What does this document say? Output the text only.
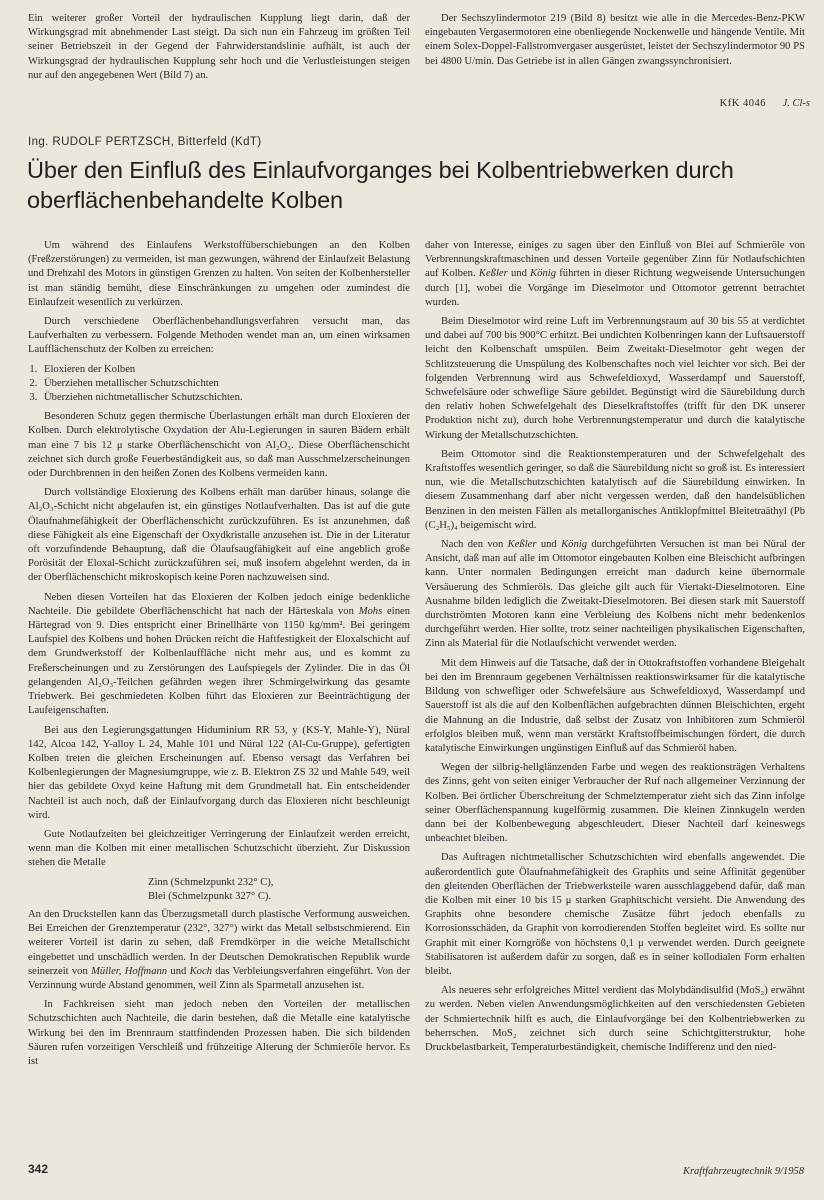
Ein weiterer großer Vorteil der hydraulischen Kupplung liegt darin, daß der Wirkungsgrad mit abnehmender Last steigt. Da sich nun ein Fahrzeug im größten Teil seiner Betriebszeit in der Gegend der Fahrwiderstandslinie aufhält, ist auch der Wirkungsgrad der hydraulischen Kupplung sehr hoch und die Verlustleistungen steigen nur auf den angegebenen Wert (Bild 7) an.

Der Sechszylindermotor 219 (Bild 8) besitzt wie alle in die Mercedes-Benz-PKW eingebauten Vergasermotoren eine obenliegende Nockenwelle und hängende Ventile. Mit einem Solex-Doppel-Fallstromvergaser ausgerüstet, leistet der Sechszylindermotor 90 PS bei 4800 U/min. Das Getriebe ist in allen Gängen zwangssynchronisiert.

KfK 4046 J. Cl-s
Ing. RUDOLF PERTZSCH, Bitterfeld (KdT)
Über den Einfluß des Einlaufvorganges bei Kolbentriebwerken durch oberflächenbehandelte Kolben

Um während des Einlaufens Werkstoffüberschiebungen an den Kolben (Freßzerstörungen) zu vermeiden, ist man gezwungen, während der Einlaufzeit Belastung und Drehzahl des Motors in günstigen Grenzen zu halten. Von seiten der Kolbenhersteller ist man ständig bemüht, diese Einschränkungen zu umgehen oder zumindest die Einlaufzeit wesentlich zu verkürzen.

Durch verschiedene Oberflächenbehandlungsverfahren versucht man, das Laufverhalten zu verbessern. Folgende Methoden wendet man an, um einen wirksamen Laufflächenschutz der Kolben zu erreichen:

1. Eloxieren der Kolben
2. Überziehen metallischer Schutzschichten
3. Überziehen nichtmetallischer Schutzschichten.

Besonderen Schutz gegen thermische Überlastungen erhält man durch Eloxieren der Kolben. Durch elektrolytische Oxydation der Alu-Legierungen in sauren Bädern erhält man eine 7 bis 12 μ starke Oberflächenschicht von Al₂O₃. Diese Oberflächenschicht zeichnet sich durch große Feuerbeständigkeit aus, so daß man Ausschmelzerscheinungen oder Durchbrennen in den heißen Zonen des Kolbens vermeiden kann.

Durch vollständige Eloxierung des Kolbens erhält man darüber hinaus, solange die Al₂O₃-Schicht nicht abgelaufen ist, ein günstiges Notlaufverhalten. Das ist auf die gute Ölaufnahmefähigkeit der Oberflächenschicht zurückzuführen. Es ist anzunehmen, daß diese Fähigkeit als eine Eigenschaft der Oxydkristalle anzusehen ist. Die in der Literatur oft vorzufindende Behauptung, daß die Ölaufsaugfähigkeit auf eine angeblich große Porösität der Eloxal-Schicht zurückzuführen sei, muß insofern abgelehnt werden, da in der Oberflächenschicht mikroskopisch keine Poren nachzuweisen sind.

Neben diesen Vorteilen hat das Eloxieren der Kolben jedoch einige bedenkliche Nachteile. Die gebildete Oberflächenschicht hat nach der Härteskala von Mohs einen Härtegrad von 9. Dies entspricht einer Brinellhärte von 1150 kg/mm². Bei geringem Laufspiel des Kolbens und hohen Drücken reicht die Haftfestigkeit der Eloxalschicht auf dem Grundwerkstoff der Kolbenlauffläche nicht mehr aus, und es kommt zu Freßerscheinungen und zu Zerstörungen des Laufspiegels der Zylinder. Die in das Öl gelangenden Al₂O₃-Teilchen gefährden wegen ihrer Schmirgelwirkung das gesamte Triebwerk. Bei geschmiedeten Kolben führt das Eloxieren zur Beeinträchtigung der Laufeigenschaften.

Bei aus den Legierungsgattungen Hiduminium RR 53, y (KS-Y, Mahle-Y), Nüral 142, Alcoa 142, Y-alloy L 24, Mahle 101 und Nüral 122 (Al-Cu-Gruppe), gefertigten Kolben treten die gleichen Erscheinungen auf. Ebenso versagt das Verfahren bei Kolbenlegierungen der Magnesiumgruppe, wie z. B. Elektron ZS 32 und Mahle 549, weil hier das gebildete Oxyd keine Haftung mit dem Grundmetall hat. Ein entscheidender Nachteil ist auch noch, daß der Einlaufvorgang durch das Eloxieren nicht beschleunigt wird.

Gute Notlaufzeiten bei gleichzeitiger Verringerung der Einlaufzeit werden erreicht, wenn man die Kolben mit einer metallischen Schutzschicht überzieht. Zur Diskussion stehen die Metalle

Zinn (Schmelzpunkt 232° C),
Blei (Schmelzpunkt 327° C).

An den Druckstellen kann das Überzugsmetall durch plastische Verformung ausweichen. Bei Erreichen der Grenztemperatur (232°, 327°) wirkt das Metall selbstschmierend. Ein weiterer Vorteil ist darin zu sehen, daß Fremdkörper in die weiche Metallschicht eingebettet und unschädlich werden. In der Deutschen Demokratischen Republik wurde seinerzeit von Müller, Hoffmann und Koch das Verbleiungsverfahren eingeführt. Von der Verzinnung wurde Abstand genommen, weil Zinn als Sparmetall anzusehen ist.

In Fachkreisen sieht man jedoch neben den Vorteilen der metallischen Schutzschichten auch Nachteile, die darin bestehen, daß die Metalle eine katalytische Wirkung bei den im Brennraum stattfindenden Prozessen haben. Die sich bildenden Säuren rufen vorzeitigen Verschleiß und frühzeitige Alterung der Schmieröle hervor. Es ist

daher von Interesse, einiges zu sagen über den Einfluß von Blei auf Schmieröle von Verbrennungskraftmaschinen und dessen Vorteile gegenüber Zinn für Notlaufschichten auf Kolben. Keßler und König führten in dieser Richtung wegweisende Untersuchungen durch [1], wobei die Vorgänge im Dieselmotor und Ottomotor getrennt betrachtet wurden.

Beim Dieselmotor wird reine Luft im Verbrennungsraum auf 30 bis 55 at verdichtet und dabei auf 700 bis 900°C erhitzt. Bei undichten Kolbenringen kann der Luftsauerstoff leicht den Kolbenschaft umspülen. Beim Zweitakt-Dieselmotor geht wegen der Schlitzsteuerung die Umspülung des Kolbenschaftes noch viel leichter vor sich. Bei der folgenden Verbrennung wird aus Schwefeldioxyd, Wasserdampf und Sauerstoff, Schwefelsäure oder schweflige Säure gebildet. Begünstigt wird die Säurebildung durch den relativ hohen Schwefelgehalt des Dieselkraftstoffes (trifft für den DK unserer Produktion nicht zu), durch hohe Verbrennungstemperatur und durch die katalytische Wirkung der Metallschutzschichten.

Beim Ottomotor sind die Reaktionstemperaturen und der Schwefelgehalt des Kraftstoffes wesentlich geringer, so daß die Säurebildung nicht so groß ist. Es interessiert nun, wie die Metallschutzschichten katalytisch auf die Säurebildung einwirken. In diesem Zusammenhang darf aber nicht vergessen werden, daß den handelsüblichen Benzinen in den meisten Fällen als metallorganisches Antiklopfmittel Bleitetraäthyl (Pb (C₂H₅)₄ beigemischt wird.

Nach den von Keßler und König durchgeführten Versuchen ist man bei Nüral der Ansicht, daß man auf alle im Ottomotor eingebauten Kolben eine Bleischicht aufbringen kann. Unter normalen Bedingungen erreicht man dadurch keine übernormale Versäuerung des Schmieröls. Das gleiche gilt auch für Viertakt-Dieselmotoren. Eine Ausnahme bilden lediglich die Zweitakt-Dieselmotoren. Bei diesen stark mit Sauerstoff durchströmten Motoren kann eine Verbleiung des Kolbens nicht mehr bedenkenlos durchgeführt werden. Hier sollte, trotz seiner nachteiligen physikalischen Eigenschaften, Zinn als Material für die Notlaufschicht verwendet werden.

Mit dem Hinweis auf die Tatsache, daß der in Ottokraftstoffen vorhandene Bleigehalt bei den im Brennraum gegebenen Verhältnissen reaktionswirksamer für die katalytische Bildung von schwefliger oder Schwefelsäure aus Schwefeldioxyd, Wasserdampf und Sauerstoff ist als die auf den Kolbenflächen aufgebrachten dünnen Bleischichten, ergeht die Mahnung an die Industrie, daß selbst der Zusatz von Inhibitoren zum Schmieröl erfolglos bleiben muß, wenn man verstärkt Kraftstoffbeimischungen fördert, die durch katalytische Einwirkungen ungünstigen Einfluß auf das Schmieröl haben.

Wegen der silbrig-hellglänzenden Farbe und wegen des reaktionsträgen Verhaltens des Zinns, geht von seiten einiger Verbraucher der Ruf nach allgemeiner Verzinnung der Kolben. Bei örtlicher Überschreitung der Schmelztemperatur zieht sich das Zinn infolge seiner Oberflächenspannung kugelförmig zusammen. Die kleinen Zinnkugeln werden dann bei der Kolbenbewegung abgeschleudert. Dieser Nachteil darf keineswegs unbeachtet bleiben.

Das Auftragen nichtmetallischer Schutzschichten wird ebenfalls angewendet. Die außerordentlich gute Ölaufnahmefähigkeit des Graphits und seine Affinität gegenüber den gleitenden Oberflächen der Triebwerksteile waren ausschlaggebend dafür, daß man die Kolben mit einer 10 bis 15 μ starken Graphitschicht versieht. Die Anwendung des Graphits ohne besondere chemische Zusätze führt jedoch ebenfalls zu Korrosionsschäden, da Graphit von korrodierenden Stoffen begleitet wird. Es sollte nur Graphit mit einer Korngröße von höchstens 0,1 μ verwendet werden. Durch geeignete Stabilisatoren ist außerdem dafür zu sorgen, daß es in seiner kollodialen Form erhalten bleibt.

Als neueres sehr erfolgreiches Mittel verdient das Molybdändisulfid (MoS₂) erwähnt zu werden. Neben vielen Anwendungsmöglichkeiten auf den verschiedensten Gebieten der Schmiertechnik hilft es auch, die Einlaufvorgänge bei den Kolbentriebwerken zu beherrschen. MoS₂ zeichnet sich durch seine Schichtgitterstruktur, hohe Druckbelastbarkeit, Temperaturbeständigkeit, chemische Indifferenz und den nied-

342	Kraftfahrzeugtechnik 9/1958
